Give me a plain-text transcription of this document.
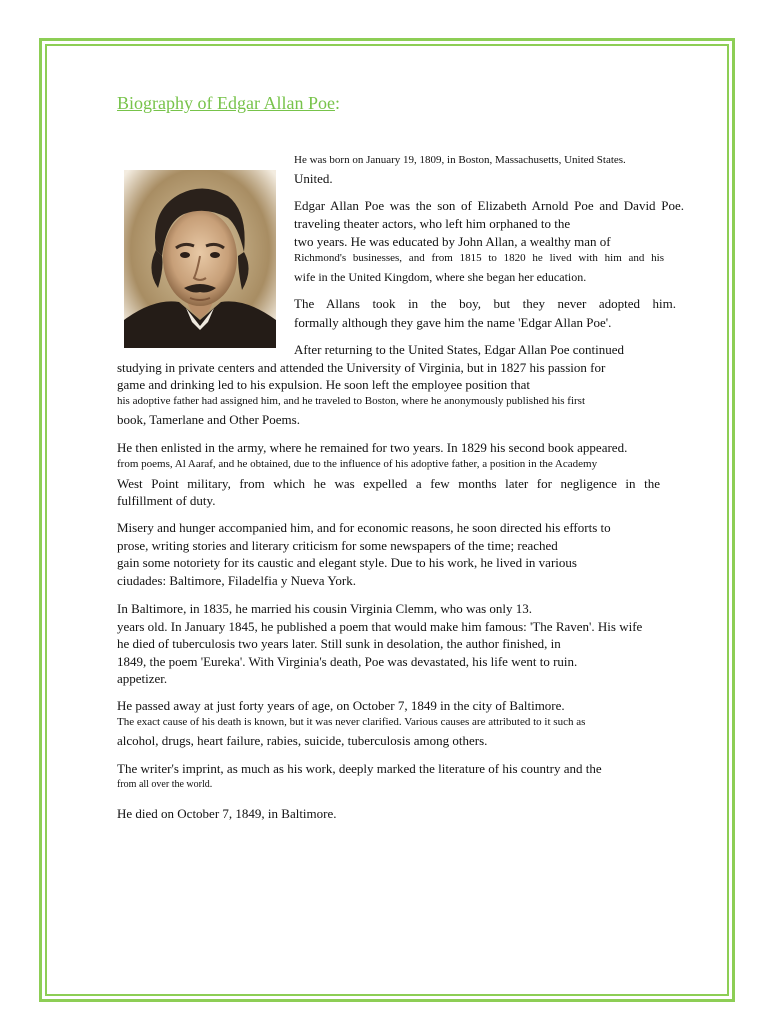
Biography of Edgar Allan Poe:

He was born on January 19, 1809, in Boston, Massachusetts, United States.

United.

Edgar Allan Poe was the son of Elizabeth Arnold Poe and David Poe.

traveling theater actors, who left him orphaned to the

two years. He was educated by John Allan, a wealthy man of

Richmond's businesses, and from 1815 to 1820 he lived with him and his

wife in the United Kingdom, where she began her education.

The Allans took in the boy, but they never adopted him.

formally although they gave him the name 'Edgar Allan Poe'.

After returning to the United States, Edgar Allan Poe continued

studying in private centers and attended the University of Virginia, but in 1827 his passion for

game and drinking led to his expulsion. He soon left the employee position that

his adoptive father had assigned him, and he traveled to Boston, where he anonymously published his first

book, Tamerlane and Other Poems.

He then enlisted in the army, where he remained for two years. In 1829 his second book appeared.

from poems, Al Aaraf, and he obtained, due to the influence of his adoptive father, a position in the Academy

West Point military, from which he was expelled a few months later for negligence in the

fulfillment of duty.

Misery and hunger accompanied him, and for economic reasons, he soon directed his efforts to

prose, writing stories and literary criticism for some newspapers of the time; reached

gain some notoriety for its caustic and elegant style. Due to his work, he lived in various

ciudades: Baltimore, Filadelfia y Nueva York.

In Baltimore, in 1835, he married his cousin Virginia Clemm, who was only 13.

years old. In January 1845, he published a poem that would make him famous: 'The Raven'. His wife

he died of tuberculosis two years later. Still sunk in desolation, the author finished, in

1849, the poem 'Eureka'. With Virginia's death, Poe was devastated, his life went to ruin.

appetizer.

He passed away at just forty years of age, on October 7, 1849 in the city of Baltimore.

The exact cause of his death is known, but it was never clarified. Various causes are attributed to it such as

alcohol, drugs, heart failure, rabies, suicide, tuberculosis among others.

The writer's imprint, as much as his work, deeply marked the literature of his country and the

from all over the world.

He died on October 7, 1849, in Baltimore.
